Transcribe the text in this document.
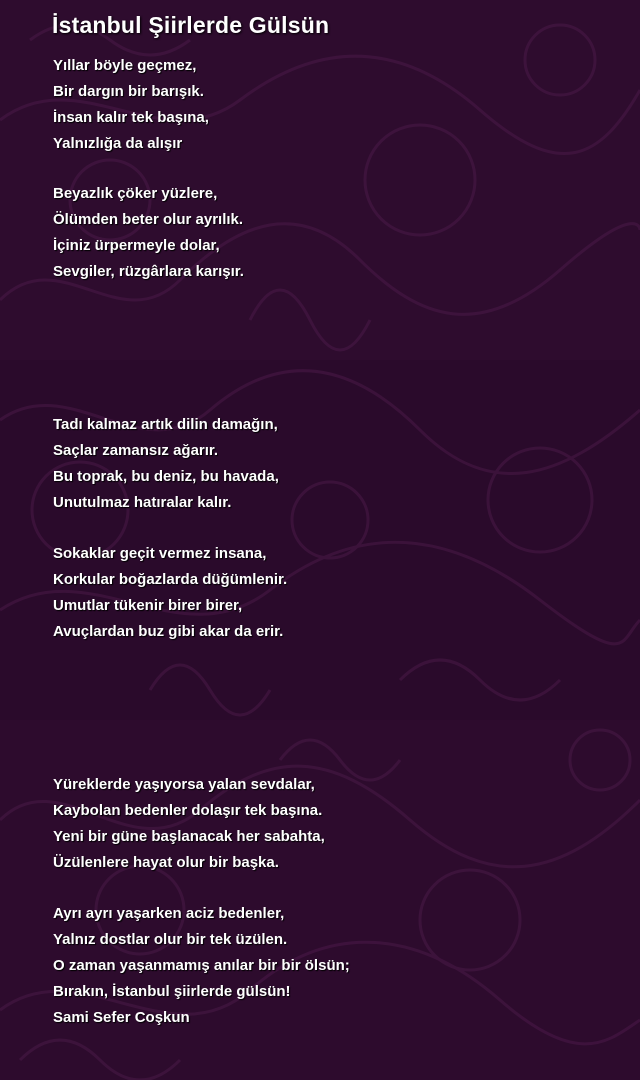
İstanbul Şiirlerde Gülsün
Yıllar böyle geçmez,
Bir dargın bir barışık.
İnsan kalır tek başına,
Yalnızlığa da alışır
Beyazlık çöker yüzlere,
Ölümden beter olur ayrılık.
İçiniz ürpermeyle dolar,
Sevgiler, rüzgârlara karışır.
Tadı kalmaz artık dilin damağın,
Saçlar zamansız ağarır.
Bu toprak, bu deniz, bu havada,
Unutulmaz hatıralar kalır.
Sokaklar geçit vermez insana,
Korkular boğazlarda düğümlenir.
Umutlar tükenir birer birer,
Avuçlardan buz gibi akar da erir.
Yüreklerde yaşıyorsa yalan sevdalar,
Kaybolan bedenler dolaşır tek başına.
Yeni bir güne başlanacak her sabahta,
Üzülenlere hayat olur bir başka.
Ayrı ayrı yaşarken aciz bedenler,
Yalnız dostlar olur bir tek üzülen.
O zaman yaşanmamış anılar bir bir ölsün;
Bırakın, İstanbul şiirlerde gülsün!
Sami Sefer Coşkun
